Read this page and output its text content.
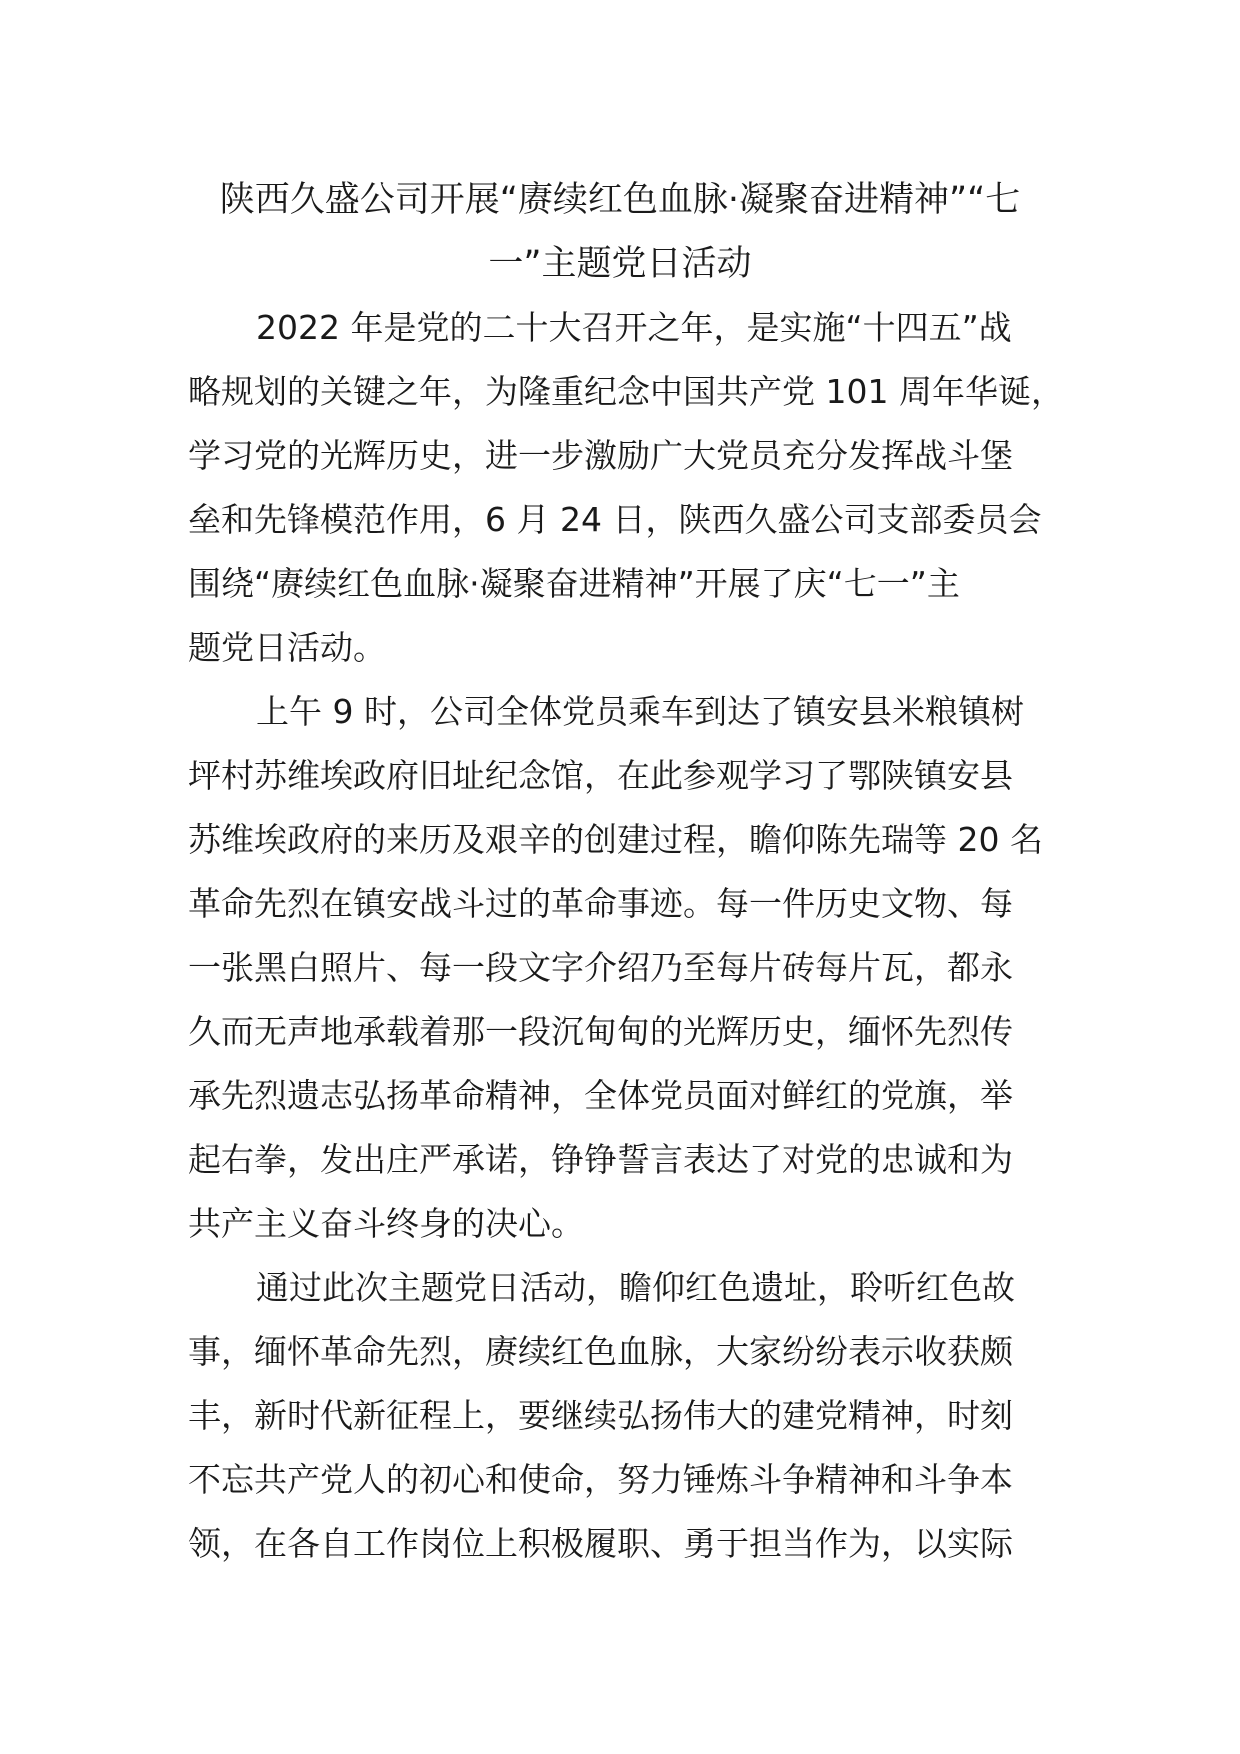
陕西久盛公司开展“赓续红色血脉·凝聚奋进精神”“七
一”主题党日活动
2022 年是党的二十大召开之年，是实施“十四五”战
略规划的关键之年，为隆重纪念中国共产党 101 周年华诞，
学习党的光辉历史，进一步激励广大党员充分发挥战斗堡
垒和先锋模范作用，6 月 24 日，陕西久盛公司支部委员会
围绕“赓续红色血脉·凝聚奋进精神”开展了庆“七一”主
题党日活动。
上午 9 时，公司全体党员乘车到达了镇安县米粮镇树
坪村苏维埃政府旧址纪念馆，在此参观学习了鄂陕镇安县
苏维埃政府的来历及艰辛的创建过程，瞻仰陈先瑞等 20 名
革命先烈在镇安战斗过的革命事迹。每一件历史文物、每
一张黑白照片、每一段文字介绍乃至每片砖每片瓦，都永
久而无声地承载着那一段沉甸甸的光辉历史，缅怀先烈传
承先烈遗志弘扬革命精神，全体党员面对鲜红的党旗，举
起右拳，发出庄严承诺，铮铮誓言表达了对党的忠诚和为
共产主义奋斗终身的决心。
通过此次主题党日活动，瞻仰红色遗址，聆听红色故
事，缅怀革命先烈，赓续红色血脉，大家纷纷表示收获颇
丰，新时代新征程上，要继续弘扬伟大的建党精神，时刻
不忘共产党人的初心和使命，努力锤炼斗争精神和斗争本
领，在各自工作岗位上积极履职、勇于担当作为，以实际
